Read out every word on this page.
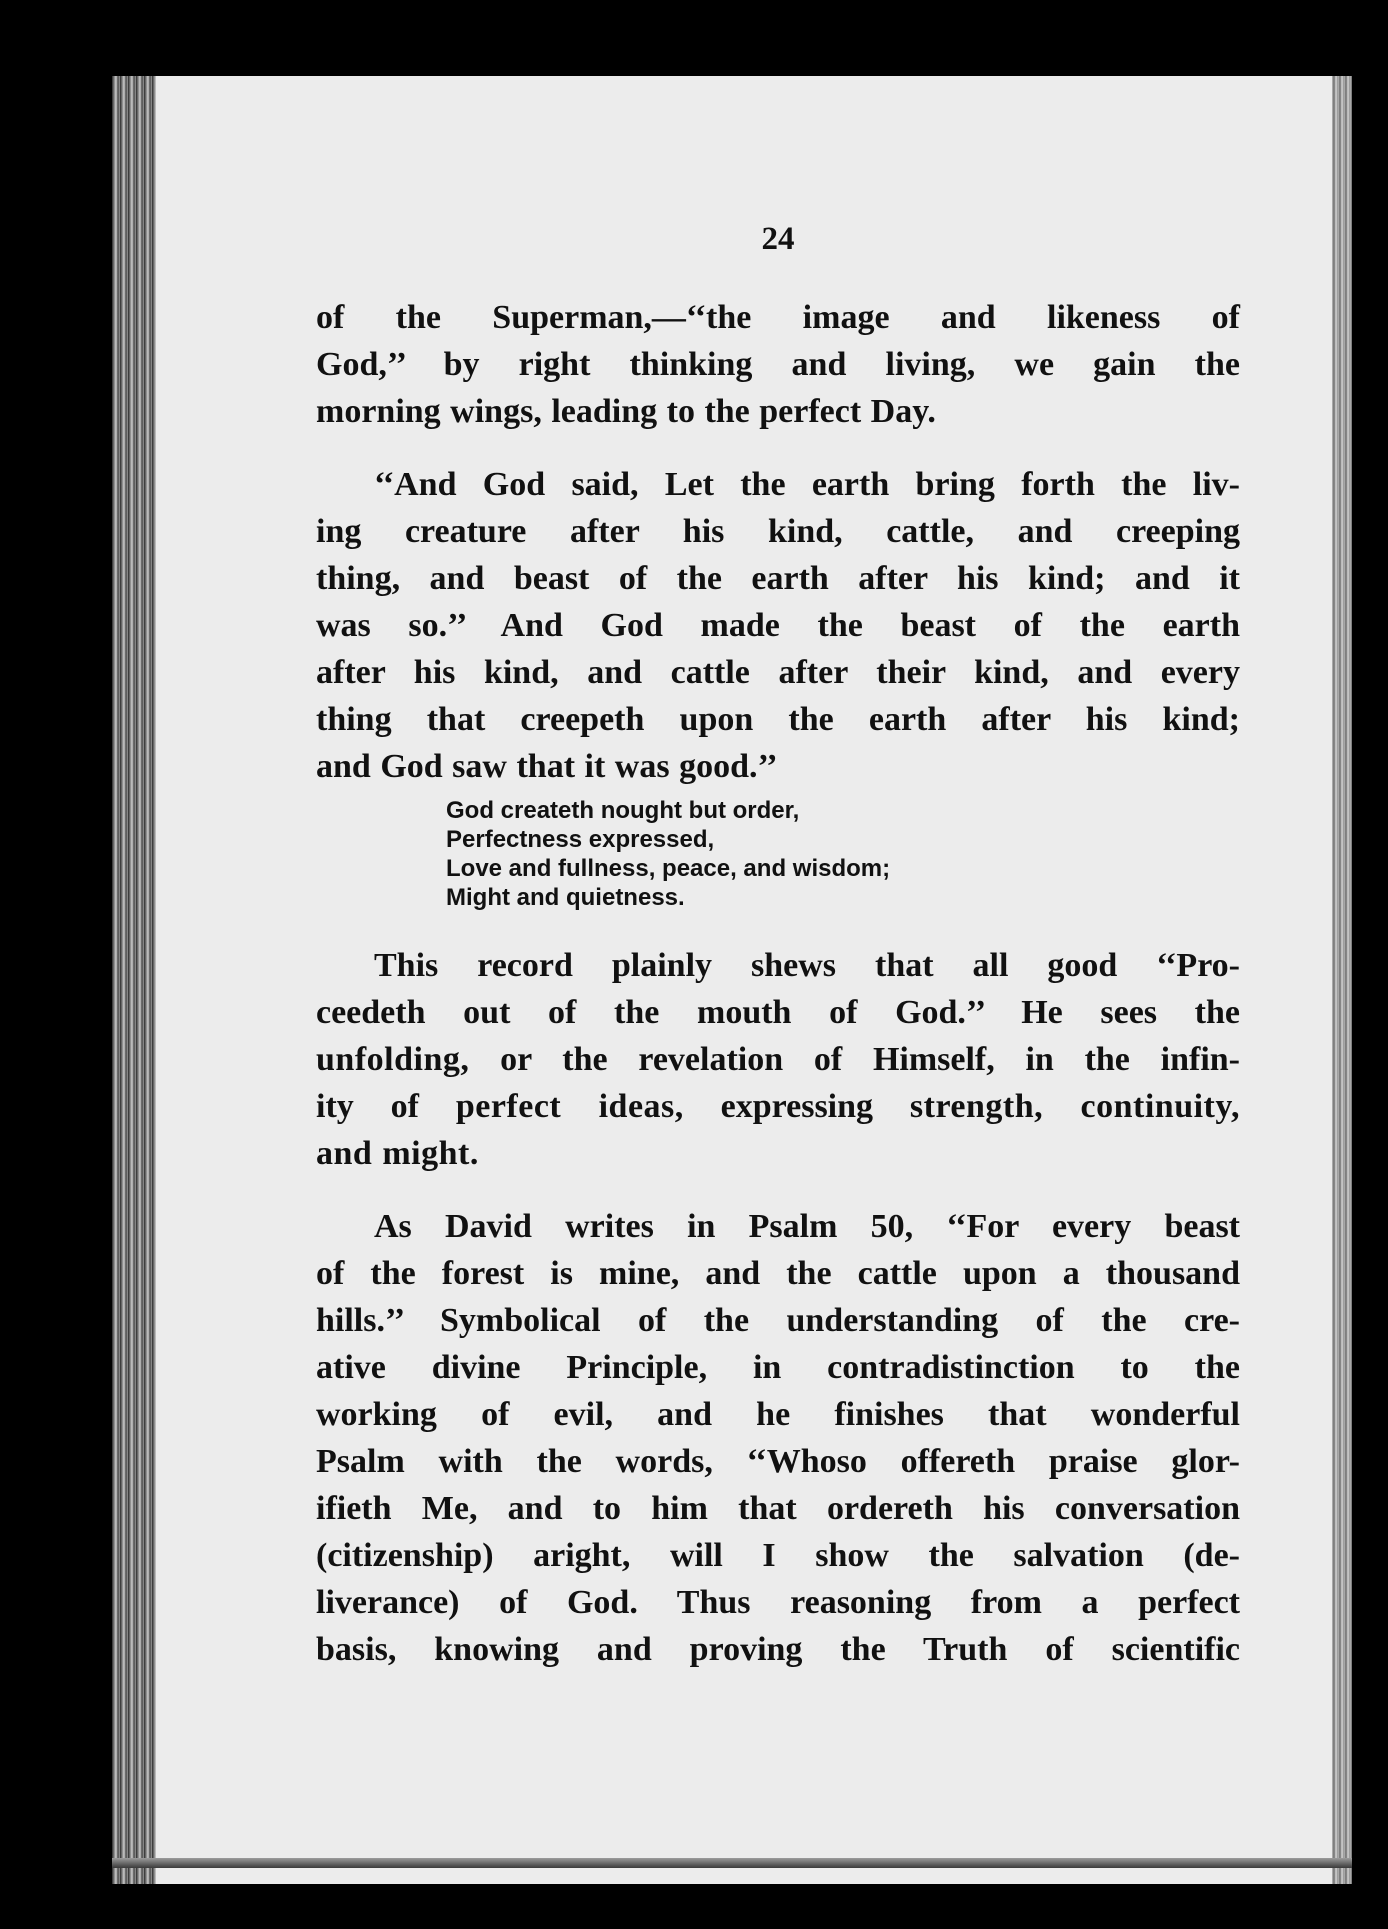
24

of the Superman,—‘‘the image and likeness of
God,’’ by right thinking and living, we gain the
morning wings, leading to the perfect Day.

‘‘And God said, Let the earth bring forth the liv-
ing creature after his kind, cattle, and creeping
thing, and beast of the earth after his kind; and it
was so.’’ And God made the beast of the earth
after his kind, and cattle after their kind, and every
thing that creepeth upon the earth after his kind;
and God saw that it was good.’’

God createth nought but order,
Perfectness expressed,
Love and fullness, peace, and wisdom;
Might and quietness.

This record plainly shews that all good ‘‘Pro-
ceedeth out of the mouth of God.’’ He sees the
unfolding, or the revelation of Himself, in the infin-
ity of perfect ideas, expressing strength, continuity,
and might.

As David writes in Psalm 50, ‘‘For every beast
of the forest is mine, and the cattle upon a thousand
hills.’’ Symbolical of the understanding of the cre-
ative divine Principle, in contradistinction to the
working of evil, and he finishes that wonderful
Psalm with the words, ‘‘Whoso offereth praise glor-
ifieth Me, and to him that ordereth his conversation
(citizenship) aright, will I show the salvation (de-
liverance) of God. Thus reasoning from a perfect
basis, knowing and proving the Truth of scientific
